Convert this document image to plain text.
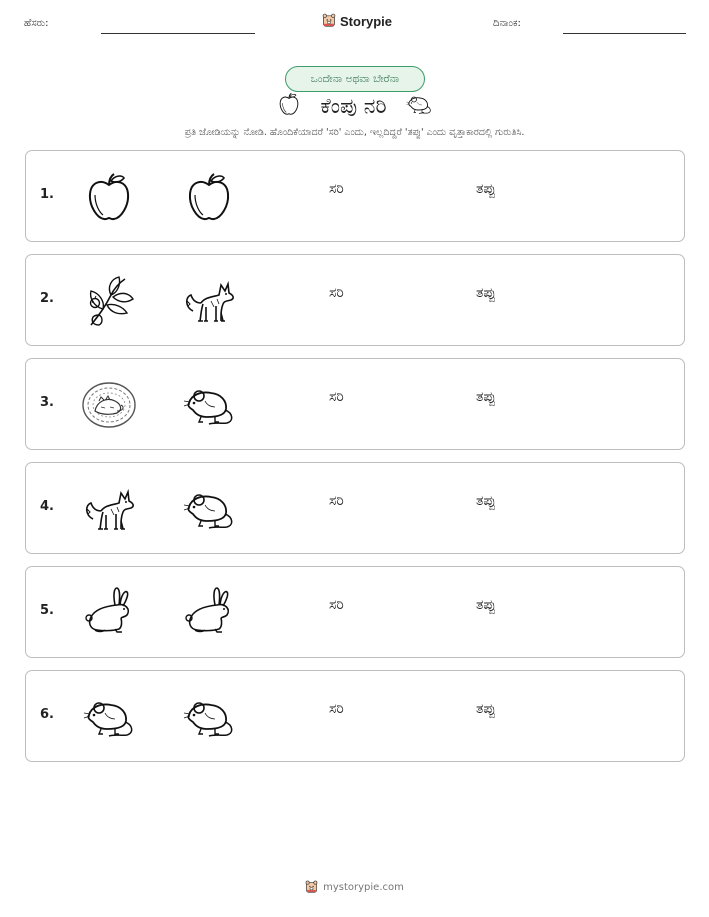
ಹೆಸರು:	Storypie	ದಿನಾಂಕ:
ಒಂದೇನಾ ಅಥವಾ ಬೇರೆನಾ
ಕೆಂಪು ನರಿ
ಪ್ರತಿ ಜೋಡಿಯನ್ನು ನೋಡಿ. ಹೊಂದಿಕೆಯಾದರೆ 'ಸರಿ' ಎಂದು, ಇಲ್ಲದಿದ್ದರೆ 'ತಪ್ಪು' ಎಂದು ವೃತ್ತಾಕಾರದಲ್ಲಿ ಗುರುತಿಸಿ.
1.	ಸರಿ	ತಪ್ಪು
2.	ಸರಿ	ತಪ್ಪು
3.	ಸರಿ	ತಪ್ಪು
4.	ಸರಿ	ತಪ್ಪು
5.	ಸರಿ	ತಪ್ಪು
6.	ಸರಿ	ತಪ್ಪು
mystorypie.com
